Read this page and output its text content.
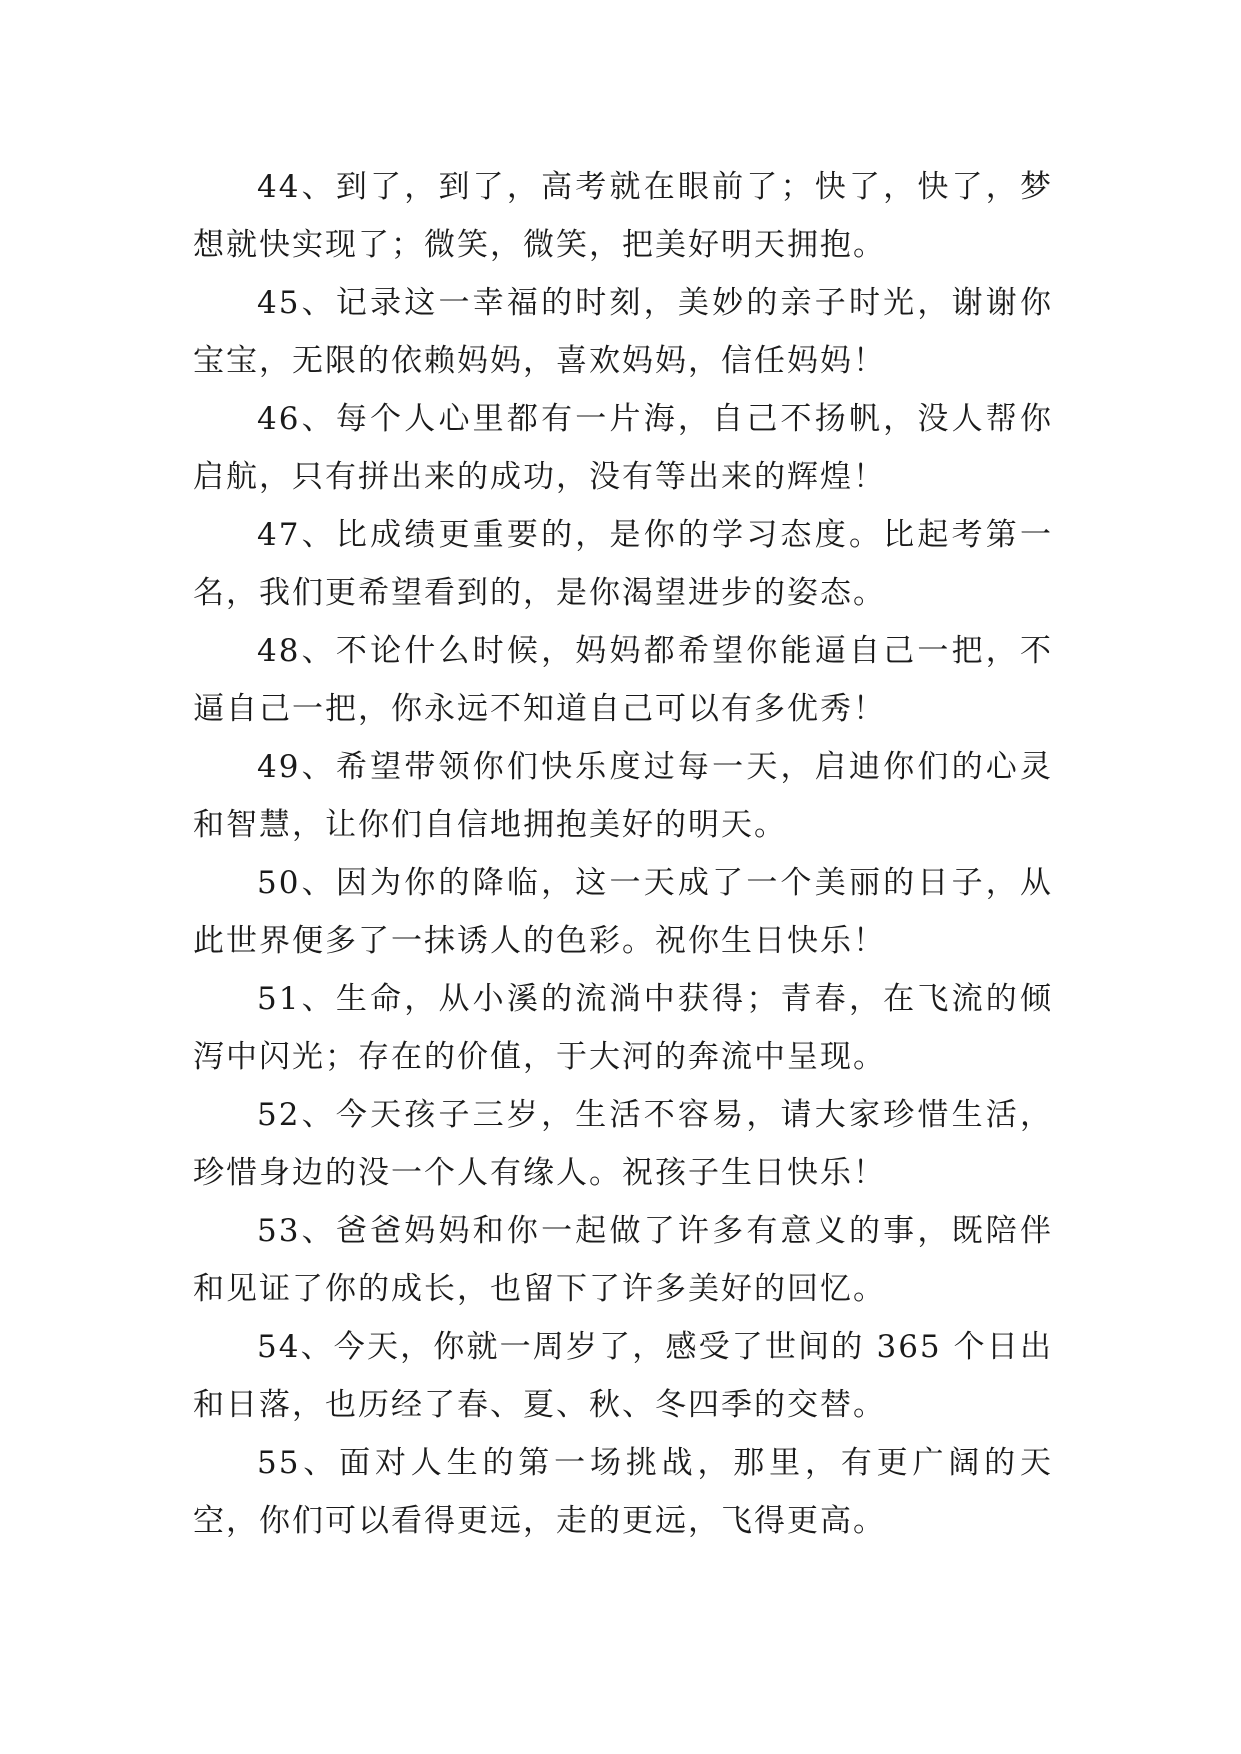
44、到了，到了，高考就在眼前了；快了，快了，梦想就快实现了；微笑，微笑，把美好明天拥抱。

45、记录这一幸福的时刻，美妙的亲子时光，谢谢你宝宝，无限的依赖妈妈，喜欢妈妈，信任妈妈！

46、每个人心里都有一片海，自己不扬帆，没人帮你启航，只有拼出来的成功，没有等出来的辉煌！

47、比成绩更重要的，是你的学习态度。比起考第一名，我们更希望看到的，是你渴望进步的姿态。

48、不论什么时候，妈妈都希望你能逼自己一把，不逼自己一把，你永远不知道自己可以有多优秀！

49、希望带领你们快乐度过每一天，启迪你们的心灵和智慧，让你们自信地拥抱美好的明天。

50、因为你的降临，这一天成了一个美丽的日子，从此世界便多了一抹诱人的色彩。祝你生日快乐！

51、生命，从小溪的流淌中获得；青春，在飞流的倾泻中闪光；存在的价值，于大河的奔流中呈现。

52、今天孩子三岁，生活不容易，请大家珍惜生活，珍惜身边的没一个人有缘人。祝孩子生日快乐！

53、爸爸妈妈和你一起做了许多有意义的事，既陪伴和见证了你的成长，也留下了许多美好的回忆。

54、今天，你就一周岁了，感受了世间的 365 个日出和日落，也历经了春、夏、秋、冬四季的交替。

55、面对人生的第一场挑战，那里，有更广阔的天空，你们可以看得更远，走的更远，飞得更高。
